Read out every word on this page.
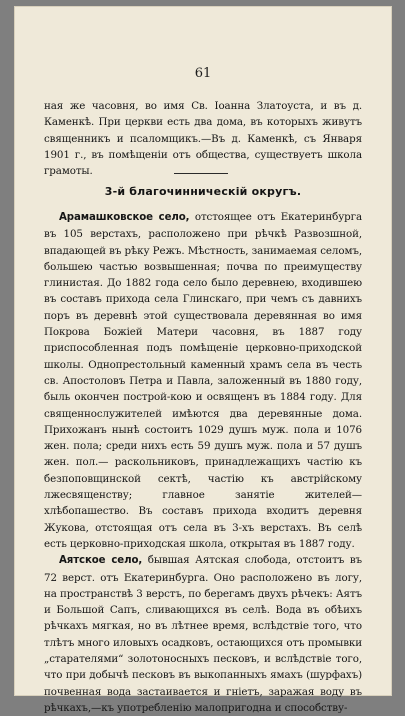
61
ная же часовня, во имя Св. Іоанна Златоуста, и въ д. Каменкѣ. При церкви есть два дома, въ которыхъ живутъ священникъ и псаломщикъ.—Въ д. Каменкѣ, съ Января 1901 г., въ помѣщеніи отъ общества, существуетъ школа грамоты.
3-й благочинническій округъ.

Арамашковское село, отстоящее отъ Екатеринбурга въ 105 верстахъ, расположено при рѣчкѣ Развозшной, впадающей въ рѣку Режъ. Мѣстность, занимаемая селомъ, большею частью возвышенная; почва по преимуществу глинистая. До 1882 года село было деревнею, входившею въ составъ прихода села Глинскаго, при чемъ съ давнихъ поръ въ деревнѣ этой существовала деревянная во имя Покрова Божіей Матери часовня, въ 1887 году приспособленная подъ помѣщеніе церковно-приходской школы. Однопрестольный каменный храмъ села въ честь св. Апостоловъ Петра и Павла, заложенный въ 1880 году, быль окончен построй-кою и освященъ въ 1884 году. Для священнослужителей имѣются два деревянные дома. Прихожанъ нынѣ состоитъ 1029 душъ муж. пола и 1076 жен. пола; среди нихъ есть 59 душъ муж. пола и 57 душъ жен. пол.— раскольниковъ, принадлежащихъ частію къ безпоповщинской сектѣ, частію къ австрійскому лжесвященству; главное занятіе жителей—хлѣбопашество. Въ составъ прихода входитъ деревня Жукова, отстоящая отъ села въ 3-хъ верстахъ. Въ селѣ есть церковно-приходская школа, открытая въ 1887 году.

Аятское село, бывшая Аятская слобода, отстоитъ въ 72 верст. отъ Екатеринбурга. Оно расположено въ логу, на пространствѣ 3 верстъ, по берегамъ двухъ рѣчекъ: Аятъ и Большой Сапъ, сливающихся въ селѣ. Вода въ обѣихъ рѣчкахъ мягкая, но въ лѣтнее время, вслѣдствіе того, что тлѣтъ много иловыхъ осадковъ, остающихся отъ промывки „старателями“ золотоносныхъ песковъ, и вслѣдствіе того, что при добычѣ песковъ въ выкопанныхъ ямахъ (шурфахъ) почвенная вода застаивается и гніетъ, заражая воду въ рѣчкахъ,—къ употребленію малопригодна и способству-
